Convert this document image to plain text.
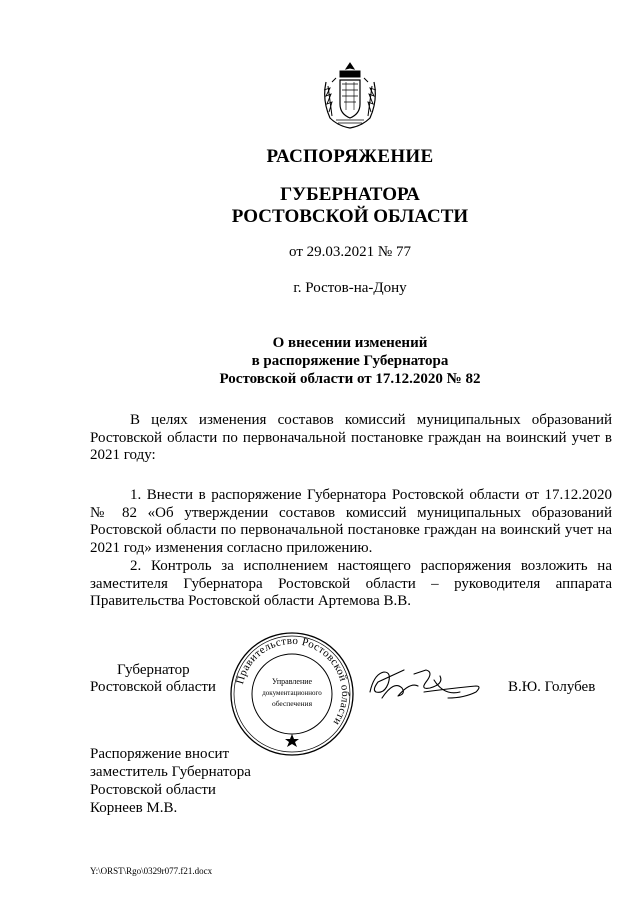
РАСПОРЯЖЕНИЕ
ГУБЕРНАТОРА
РОСТОВСКОЙ ОБЛАСТИ
от 29.03.2021 № 77
г. Ростов-на-Дону
О внесении изменений
в распоряжение Губернатора
Ростовской области от 17.12.2020 № 82
В целях изменения составов комиссий муниципальных образований Ростовской области по первоначальной постановке граждан на воинский учет в 2021 году:
1. Внести в распоряжение Губернатора Ростовской области от 17.12.2020 № 82 «Об утверждении составов комиссий муниципальных образований Ростовской области по первоначальной постановке граждан на воинский учет на 2021 год» изменения согласно приложению.
2. Контроль за исполнением настоящего распоряжения возложить на заместителя Губернатора Ростовской области – руководителя аппарата Правительства Ростовской области Артемова В.В.
Губернатор
Ростовской области Правительство Ростовской области
Управление
документационного
обеспечения
В.Ю. Голубев
Распоряжение вносит
заместитель Губернатора
Ростовской области
Корнеев М.В.
Y:\ORST\Rgo\0329r077.f21.docx
